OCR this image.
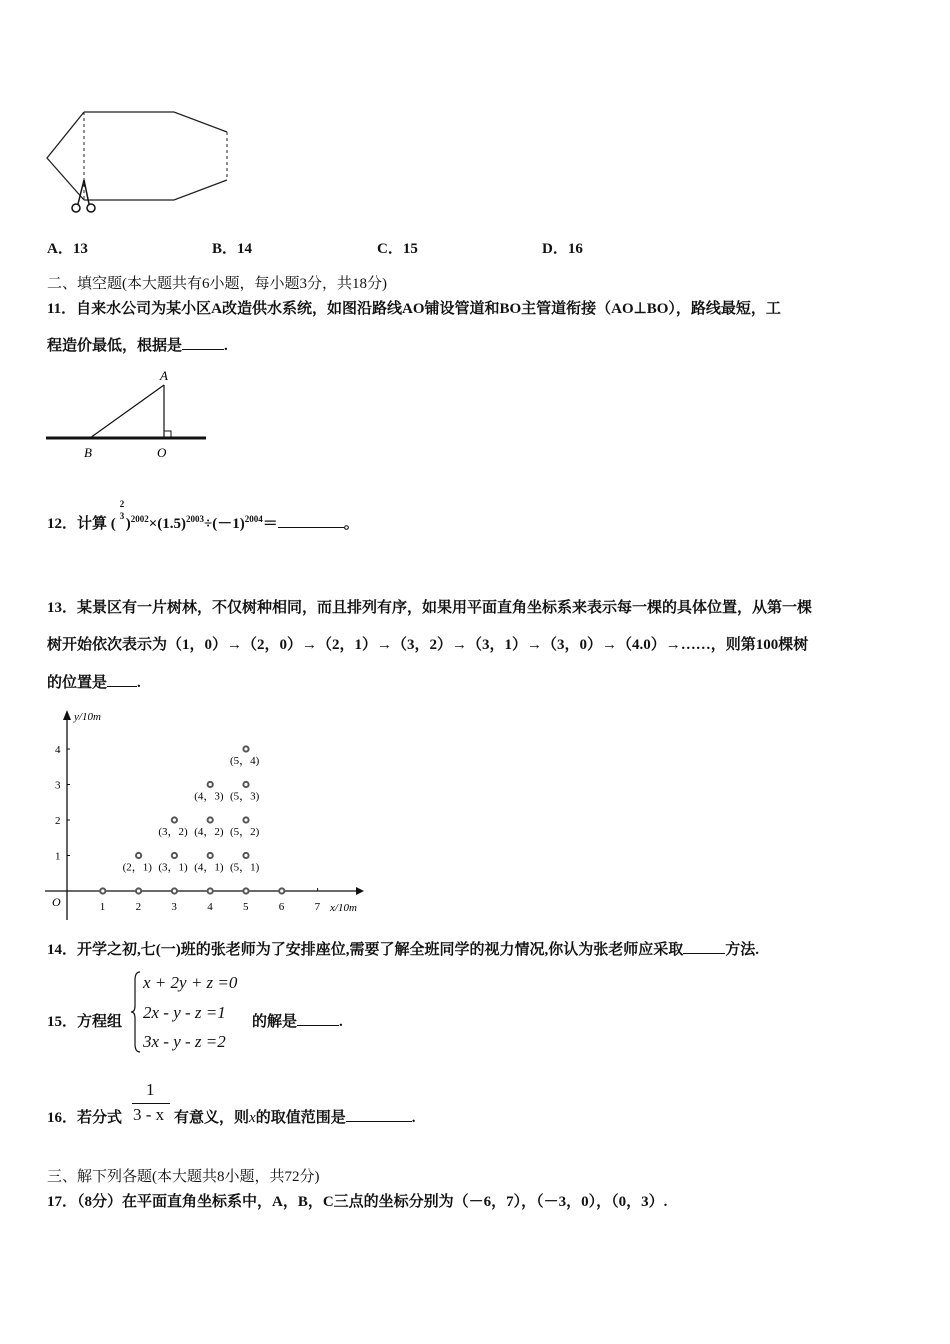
A．13	B．14	C．15	D．16
二、填空题(本大题共有6小题，每小题3分，共18分)
11．自来水公司为某小区A改造供水系统，如图沿路线AO铺设管道和BO主管道衔接（AO⊥BO），路线最短，工
程造价最低，根据是	.
A
B	O
12．计算 (
2
3 )$^{2002}\times(1.5)^{2003}\div(-1)^{2004}=$	。
13．某景区有一片树林，不仅树种相同，而且排列有序，如果用平面直角坐标系来表示每一棵的具体位置，从第一棵
树开始依次表示为（1，0）→（2，0）→（2，1）→（3，2）→（3，1）→（3，0）→（4.0）→……，则第100棵树
的位置是 .
y/10m
x/10m
O	1	2	3	4	5	6	7
1
2
3
4
(2，1) (3，1) (4，1) (5，1)
(3，2) (4，2) (5，2)
(4，3) (5，3)
(5，4)
14．开学之初,七(一)班的张老师为了安排座位,需要了解全班同学的视力情况,你认为张老师应采取	方法.
15．方程组
x + 2y + z =0
2x - y - z =1
3x - y - z =2
的解是	.
16．若分式
1
3 - x 有意义，则x的取值范围是	.
三、解下列各题(本大题共8小题，共72分)
17．（8分）在平面直角坐标系中，A，B，C三点的坐标分别为（－6，7），（－3，0），（0，3）.
